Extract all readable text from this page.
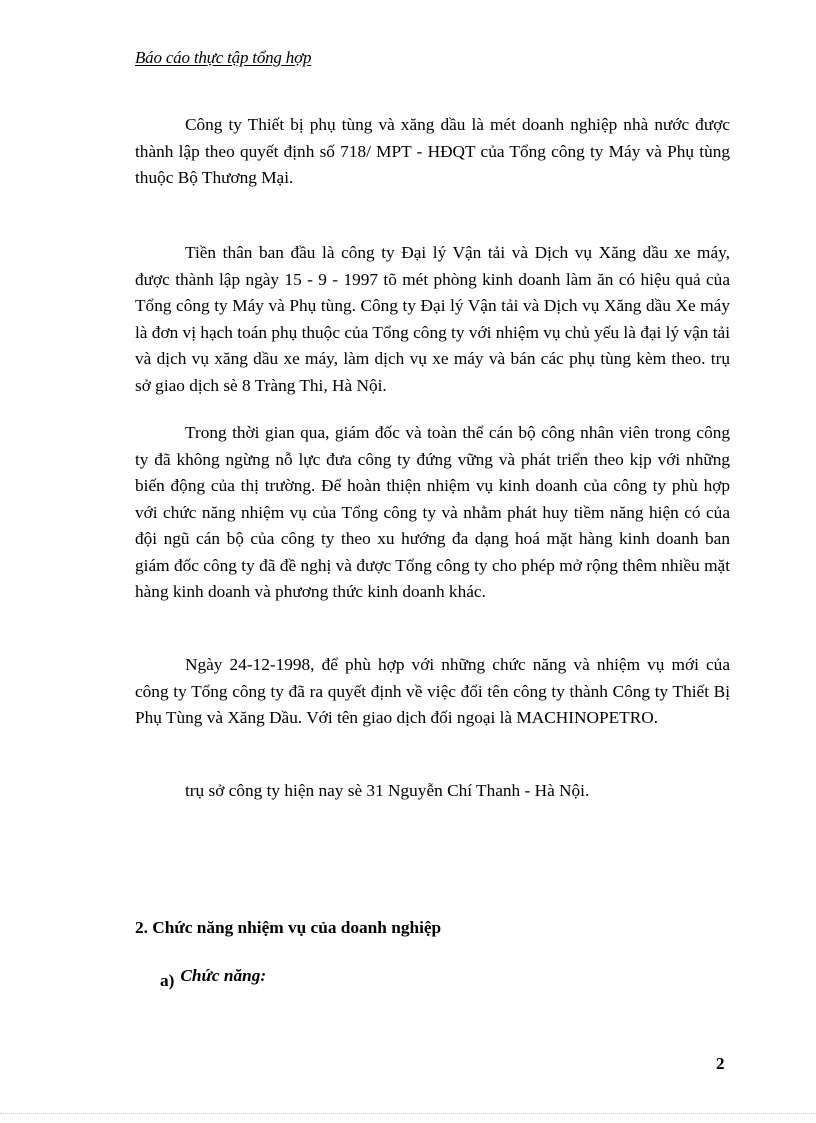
Báo cáo thực tập tổng hợp

Công ty Thiết bị phụ tùng và xăng dầu là mét doanh nghiệp nhà nước được thành lập theo quyết định số 718/ MPT - HĐQT của Tổng công ty Máy và Phụ tùng thuộc Bộ Thương Mại.

Tiền thân ban đầu là công ty Đại lý Vận tải và Dịch vụ Xăng dầu xe máy, được thành lập ngày 15 - 9 - 1997 tõ mét phòng kinh doanh làm ăn có hiệu quả của Tổng công ty Máy và Phụ tùng. Công ty Đại lý Vận tải và Dịch vụ Xăng dầu Xe máy là đơn vị hạch toán phụ thuộc của Tổng công ty với nhiệm vụ chủ yếu là đại lý vận tải và dịch vụ xăng dầu xe máy, làm dịch vụ xe máy và bán các phụ tùng kèm theo. trụ sở giao dịch sè 8 Tràng Thi, Hà Nội.

Trong thời gian qua, giám đốc và toàn thể cán bộ công nhân viên trong công ty đã không ngừng nỗ lực đưa công ty đứng vững và phát triển theo kịp với những biến động của thị trường. Để hoàn thiện nhiệm vụ kinh doanh của công ty phù hợp với chức năng nhiệm vụ của Tổng công ty và nhằm phát huy tiềm năng hiện có của đội ngũ cán bộ của công ty theo xu hướng đa dạng hoá mặt hàng kinh doanh ban giám đốc công ty đã đề nghị và được Tổng công ty cho phép mở rộng thêm nhiều mặt hàng kinh doanh và phương thức kinh doanh khác.

Ngày 24-12-1998, để phù hợp với những chức năng và nhiệm vụ mới của công ty Tổng công ty đã ra quyết định về việc đổi tên công ty thành Công ty Thiết Bị Phụ Tùng và Xăng Dầu. Với tên giao dịch đối ngoại là MACHINOPETRO.

trụ sở công ty hiện nay sè 31 Nguyễn Chí Thanh - Hà Nội.

2. Chức năng nhiệm vụ của doanh nghiệp
a) Chức năng:
2
